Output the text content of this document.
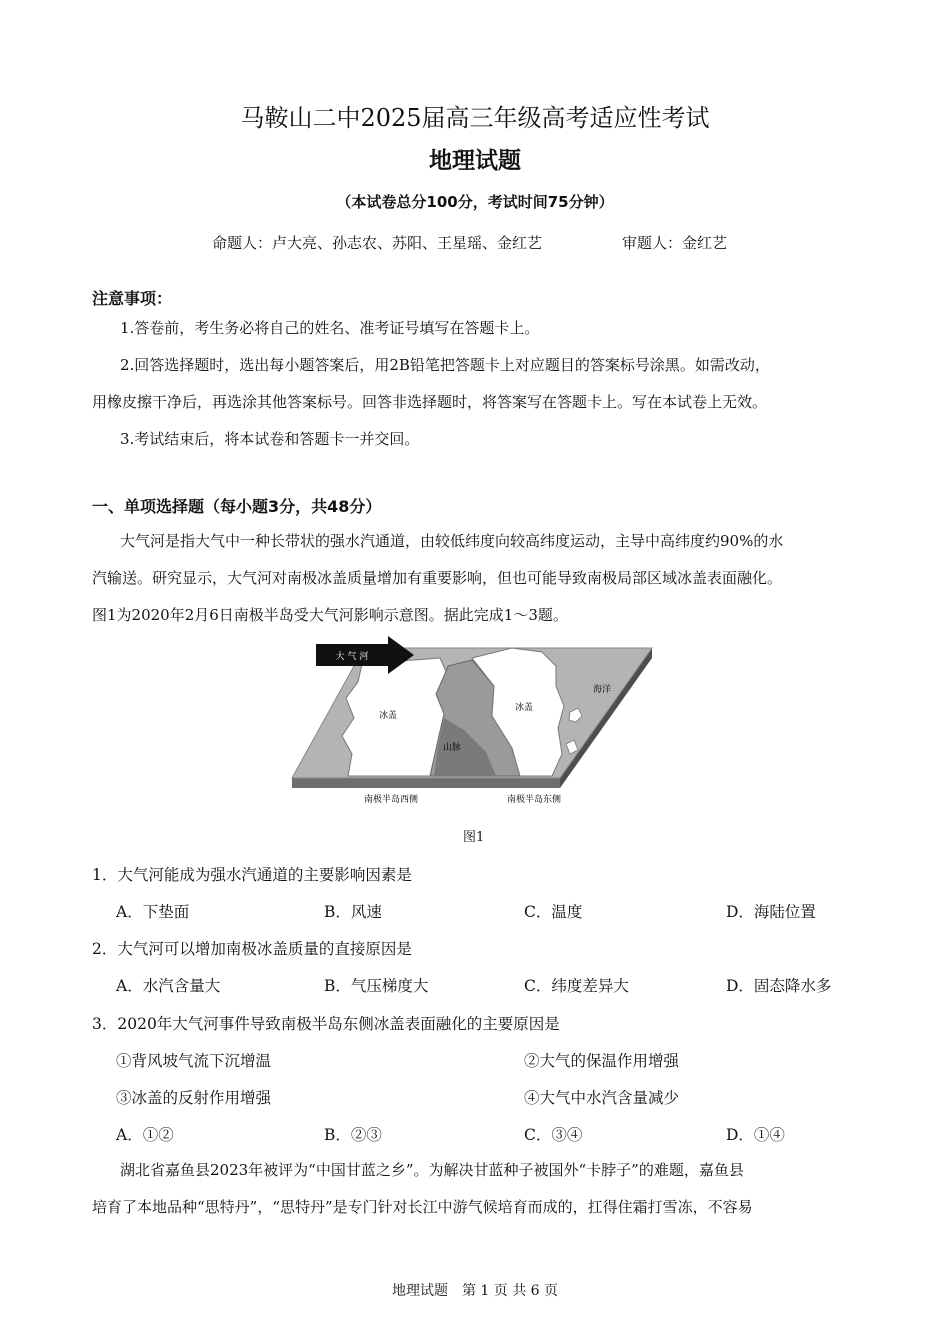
马鞍山二中2025届高三年级高考适应性考试
地理试题
（本试卷总分100分，考试时间75分钟）
命题人：卢大亮、孙志农、苏阳、王星瑶、金红艺	审题人：金红艺
注意事项：
1.答卷前，考生务必将自己的姓名、准考证号填写在答题卡上。
2.回答选择题时，选出每小题答案后，用2B铅笔把答题卡上对应题目的答案标号涂黑。如需改动，
用橡皮擦干净后，再选涂其他答案标号。回答非选择题时，将答案写在答题卡上。写在本试卷上无效。
3.考试结束后，将本试卷和答题卡一并交回。
一、单项选择题（每小题3分，共48分）
大气河是指大气中一种长带状的强水汽通道，由较低纬度向较高纬度运动，主导中高纬度约90%的水
汽输送。研究显示，大气河对南极冰盖质量增加有重要影响，但也可能导致南极局部区域冰盖表面融化。
图1为2020年2月6日南极半岛受大气河影响示意图。据此完成1～3题。
大 气 河
冰盖
山脉
冰盖
海洋
南极半岛西侧	南极半岛东侧
图1
1．大气河能成为强水汽通道的主要影响因素是
A．下垫面	B．风速	C．温度	D．海陆位置
2．大气河可以增加南极冰盖质量的直接原因是
A．水汽含量大	B．气压梯度大	C．纬度差异大	D．固态降水多
3．2020年大气河事件导致南极半岛东侧冰盖表面融化的主要原因是
①背风坡气流下沉增温	②大气的保温作用增强
③冰盖的反射作用增强	④大气中水汽含量减少
A．①②	B．②③	C．③④	D．①④
湖北省嘉鱼县2023年被评为“中国甘蓝之乡”。为解决甘蓝种子被国外“卡脖子”的难题，嘉鱼县
培育了本地品种“思特丹”，“思特丹”是专门针对长江中游气候培育而成的，扛得住霜打雪冻，不容易
地理试题　第 1 页 共 6 页
